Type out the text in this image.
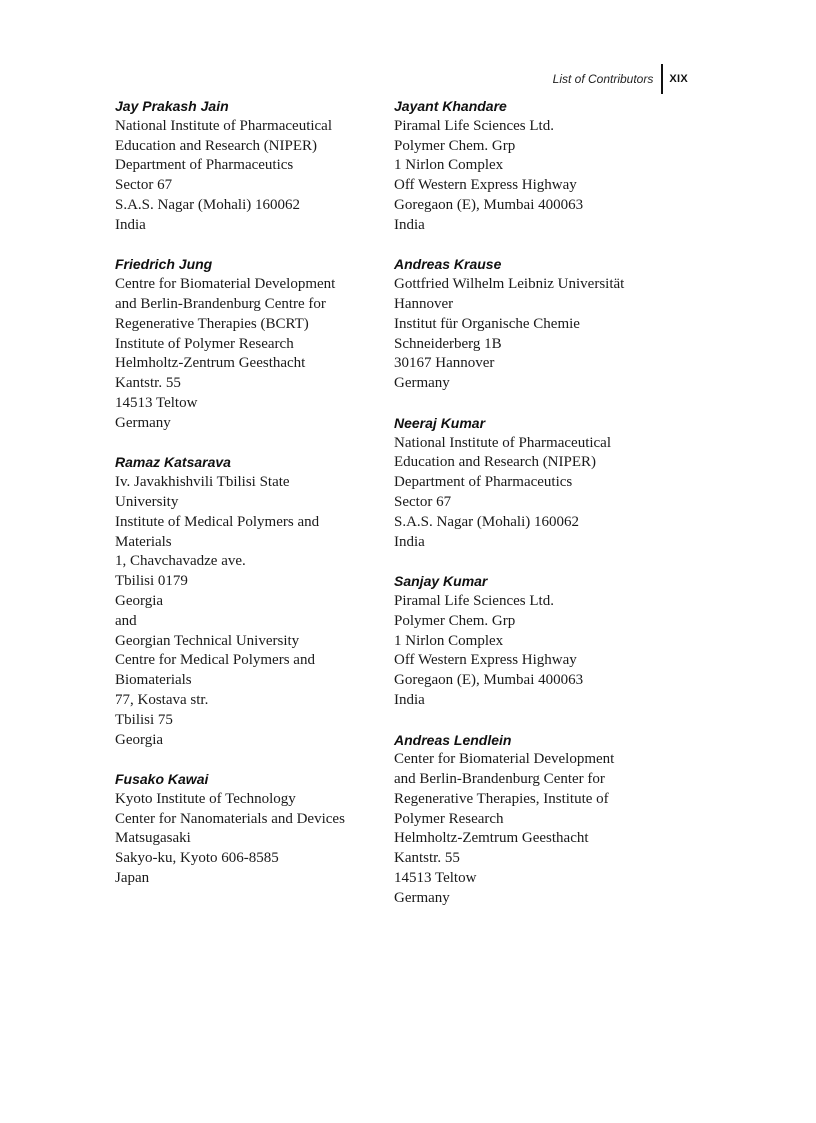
List of Contributors	XIX
Jay Prakash Jain
National Institute of Pharmaceutical
Education and Research (NIPER)
Department of Pharmaceutics
Sector 67
S.A.S. Nagar (Mohali) 160062
India
Friedrich Jung
Centre for Biomaterial Development
and Berlin-Brandenburg Centre for
Regenerative Therapies (BCRT)
Institute of Polymer Research
Helmholtz-Zentrum Geesthacht
Kantstr. 55
14513 Teltow
Germany
Ramaz Katsarava
Iv. Javakhishvili Tbilisi State
University
Institute of Medical Polymers and
Materials
1, Chavchavadze ave.
Tbilisi 0179
Georgia
and
Georgian Technical University
Centre for Medical Polymers and
Biomaterials
77, Kostava str.
Tbilisi 75
Georgia
Fusako Kawai
Kyoto Institute of Technology
Center for Nanomaterials and Devices
Matsugasaki
Sakyo-ku, Kyoto 606-8585
Japan
Jayant Khandare
Piramal Life Sciences Ltd.
Polymer Chem. Grp
1 Nirlon Complex
Off Western Express Highway
Goregaon (E), Mumbai 400063
India
Andreas Krause
Gottfried Wilhelm Leibniz Universität
Hannover
Institut für Organische Chemie
Schneiderberg 1B
30167 Hannover
Germany
Neeraj Kumar
National Institute of Pharmaceutical
Education and Research (NIPER)
Department of Pharmaceutics
Sector 67
S.A.S. Nagar (Mohali) 160062
India
Sanjay Kumar
Piramal Life Sciences Ltd.
Polymer Chem. Grp
1 Nirlon Complex
Off Western Express Highway
Goregaon (E), Mumbai 400063
India
Andreas Lendlein
Center for Biomaterial Development
and Berlin-Brandenburg Center for
Regenerative Therapies, Institute of
Polymer Research
Helmholtz-Zemtrum Geesthacht
Kantstr. 55
14513 Teltow
Germany
